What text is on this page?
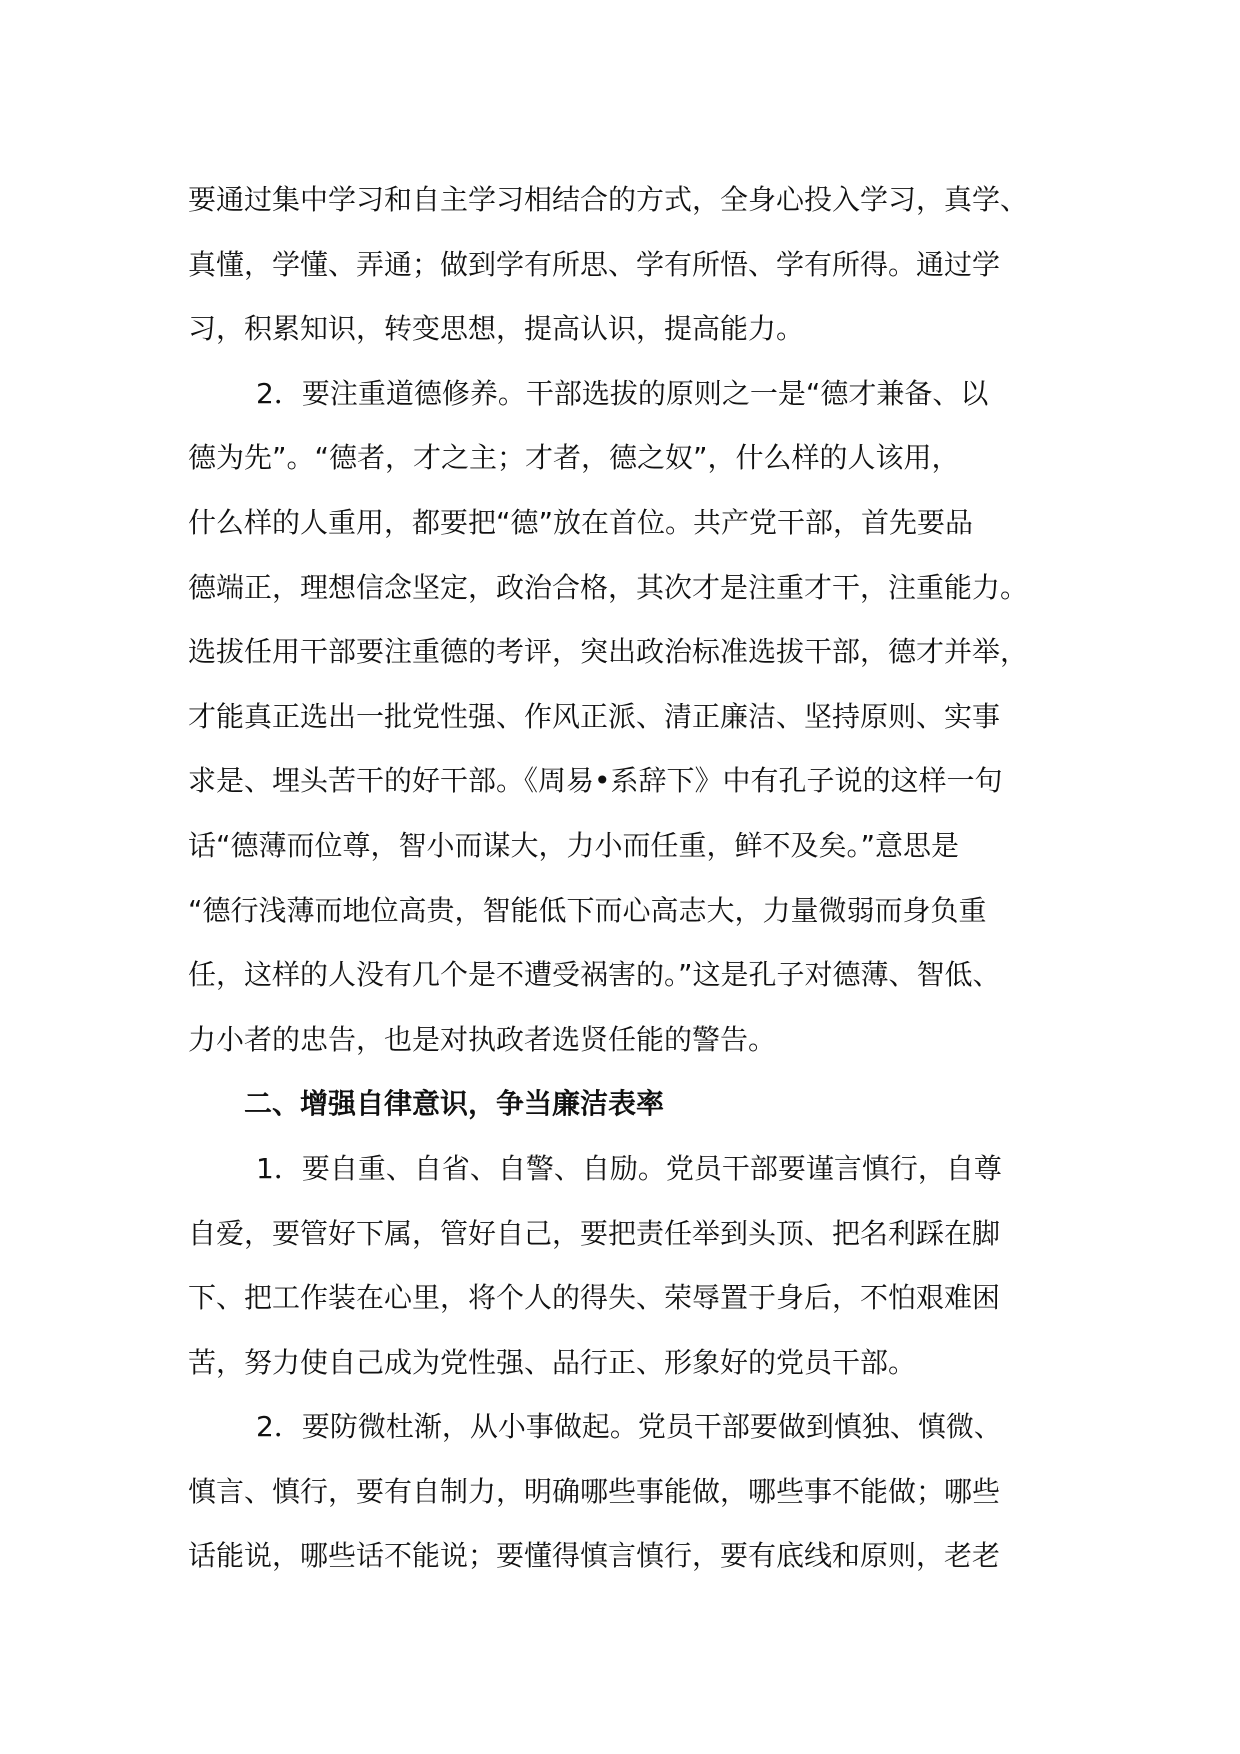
要通过集中学习和自主学习相结合的方式，全身心投入学习，真学、
真懂，学懂、弄通；做到学有所思、学有所悟、学有所得。通过学
习，积累知识，转变思想，提高认识，提高能力。
2．要注重道德修养。干部选拔的原则之一是“德才兼备、以
德为先”。“德者，才之主；才者，德之奴”，什么样的人该用，
什么样的人重用，都要把“德”放在首位。共产党干部，首先要品
德端正，理想信念坚定，政治合格，其次才是注重才干，注重能力。
选拔任用干部要注重德的考评，突出政治标准选拔干部，德才并举，
才能真正选出一批党性强、作风正派、清正廉洁、坚持原则、实事
求是、埋头苦干的好干部。《周易•系辞下》中有孔子说的这样一句
话“德薄而位尊，智小而谋大，力小而任重，鲜不及矣。”意思是
“德行浅薄而地位高贵，智能低下而心高志大，力量微弱而身负重
任，这样的人没有几个是不遭受祸害的。”这是孔子对德薄、智低、
力小者的忠告，也是对执政者选贤任能的警告。
二、增强自律意识，争当廉洁表率
1．要自重、自省、自警、自励。党员干部要谨言慎行，自尊
自爱，要管好下属，管好自己，要把责任举到头顶、把名利踩在脚
下、把工作装在心里，将个人的得失、荣辱置于身后，不怕艰难困
苦，努力使自己成为党性强、品行正、形象好的党员干部。
2．要防微杜渐，从小事做起。党员干部要做到慎独、慎微、
慎言、慎行，要有自制力，明确哪些事能做，哪些事不能做；哪些
话能说，哪些话不能说；要懂得慎言慎行，要有底线和原则，老老
